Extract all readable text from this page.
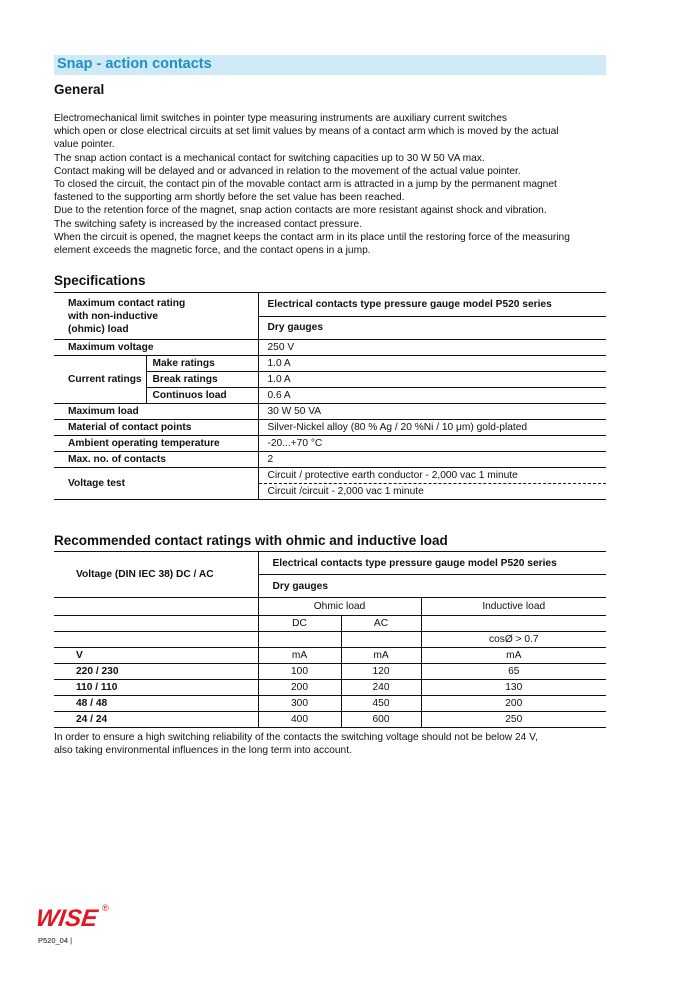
Snap - action contacts
General
Electromechanical limit switches in pointer type measuring instruments are auxiliary current switches
which open or close electrical circuits at set limit values by means of a contact arm which is moved by the actual
value pointer.
The snap action contact is a mechanical contact for switching capacities up to 30 W 50 VA max.
Contact making will be delayed and or advanced in relation to the movement of the actual value pointer.
To closed the circuit, the contact pin of the movable contact arm is attracted in a jump by the permanent magnet
fastened to the supporting arm shortly before the set value has been reached.
Due to the retention force of the magnet, snap action contacts are more resistant against shock and vibration.
The switching safety is increased by the increased contact pressure.
When the circuit is opened, the magnet keeps the contact arm in its place until the restoring force of the measuring
element exceeds the magnetic force, and the contact opens in a jump.
Specifications
Maximum contact rating
with non-inductive
(ohmic) load		Electrical contacts type pressure gauge model P520 series
		Dry gauges
Maximum voltage		250 V
Current ratings	Make ratings	1.0 A
	Break ratings	1.0 A
	Continuos load	0.6 A
Maximum load		30 W 50 VA
Material of contact points		Silver-Nickel alloy (80 % Ag / 20 %Ni / 10 μm) gold-plated
Ambient operating temperature		-20...+70 °C
Max. no. of contacts		2
Voltage test		Circuit / protective earth conductor - 2,000 vac 1 minute
		Circuit /circuit - 2,000 vac 1 minute
Recommended contact ratings with ohmic and inductive load
Voltage (DIN IEC 38) DC / AC	Electrical contacts type pressure gauge model P520 series		
	Dry gauges		
	Ohmic load		Inductive load
	DC	AC	
			cosØ > 0.7
V	mA	mA	mA
220 / 230	100	120	65
110 / 110	200	240	130
48 / 48	300	450	200
24 / 24	400	600	250
In order to ensure a high switching reliability of the contacts the switching voltage should not be below 24 V,
also taking environmental influences in the long term into account.
WISE ®
P520_04 |
